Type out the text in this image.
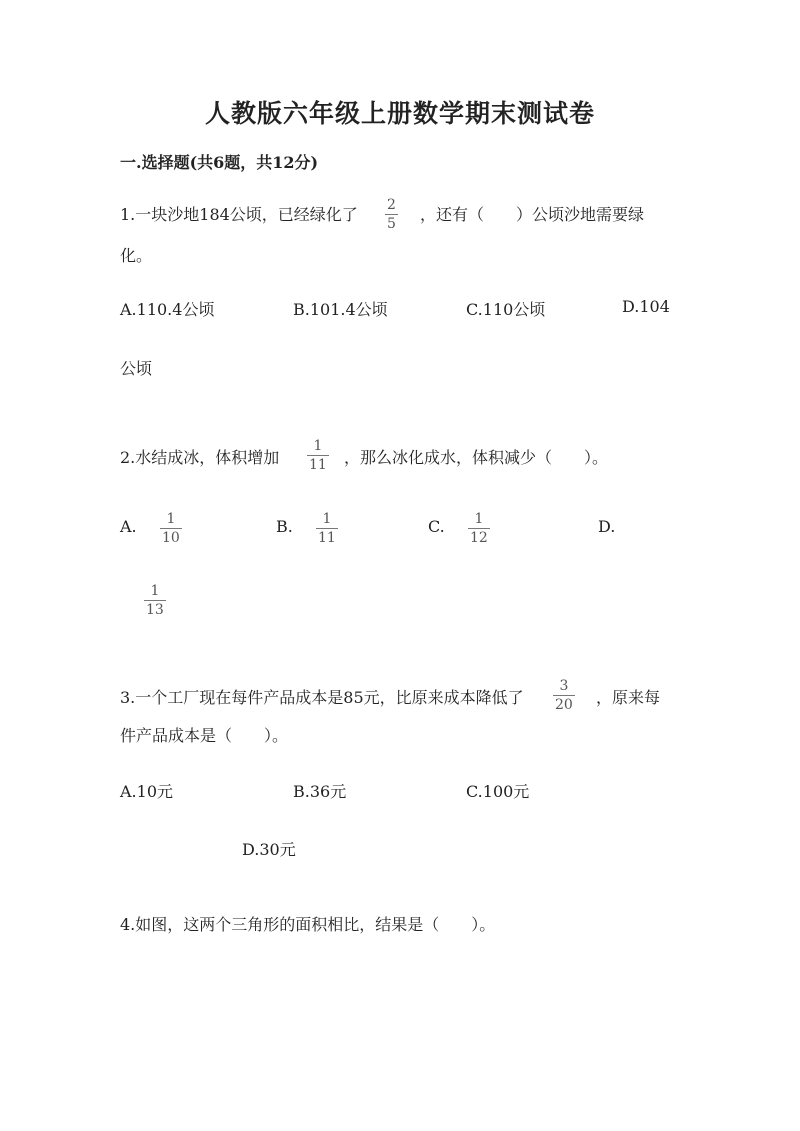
人教版六年级上册数学期末测试卷
一.选择题(共6题，共12分)
1.一块沙地184公顷，已经绿化了 2
5 ，还有（　　）公顷沙地需要绿
化。
A.110.4公顷	B.101.4公顷	C.110公顷	D.104
公顷
2.水结成冰，体积增加
1
11 ，那么冰化成水，体积减少（　　）。
A. 1
10
B. 1
11
C. 1
12
D.
1
13
3.一个工厂现在每件产品成本是85元，比原来成本降低了
3
20 ，原来每
件产品成本是（　　）。
A.10元	B.36元	C.100元
D.30元
4.如图，这两个三角形的面积相比，结果是（　　）。
